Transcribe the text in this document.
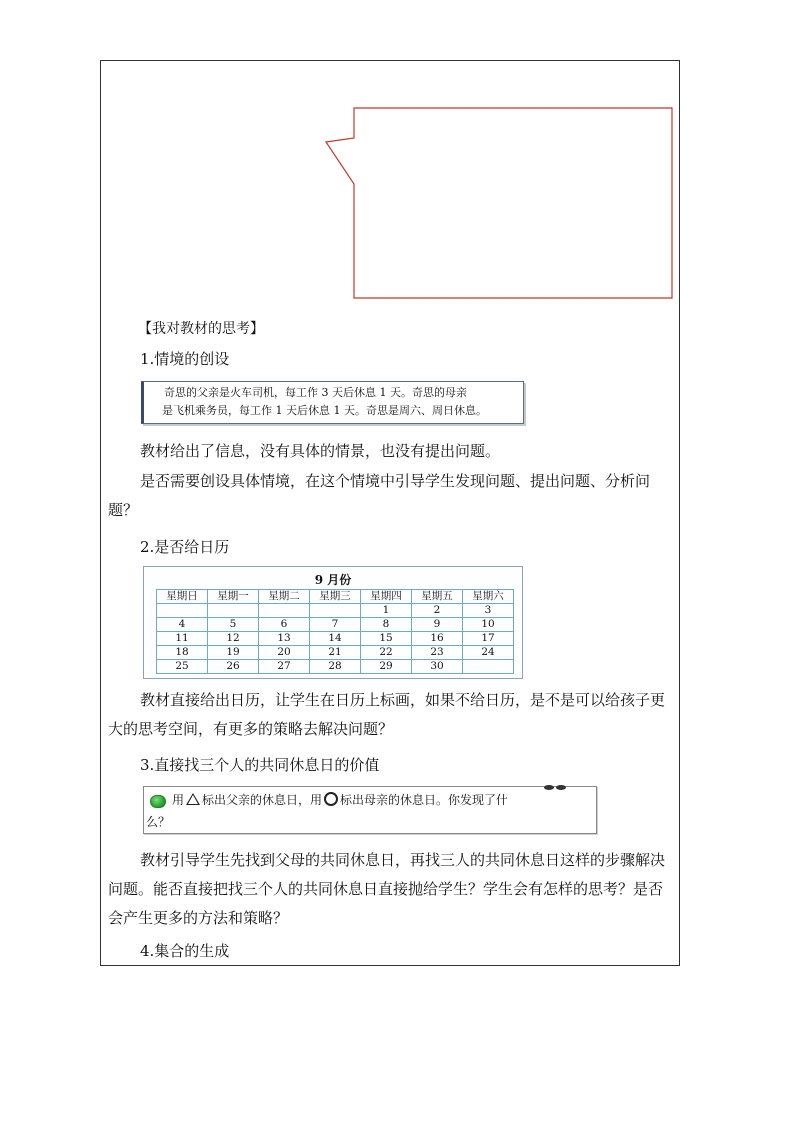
【我对教材的思考】
1.情境的创设
奇思的父亲是火车司机，每工作 3 天后休息 1 天。奇思的母亲
是飞机乘务员，每工作 1 天后休息 1 天。奇思是周六、周日休息。
教材给出了信息，没有具体的情景，也没有提出问题。
是否需要创设具体情境，在这个情境中引导学生发现问题、提出问题、分析问题？
2.是否给日历
9 月份
星期日	星期一	星期二	星期三	星期四	星期五	星期六
				1	2	3
4	5	6	7	8	9	10
11	12	13	14	15	16	17
18	19	20	21	22	23	24
25	26	27	28	29	30	
教材直接给出日历，让学生在日历上标画，如果不给日历，是不是可以给孩子更大的思考空间，有更多的策略去解决问题？
3.直接找三个人的共同休息日的价值
用 标出父亲的休息日，用 标出母亲的休息日。你发现了什
么？
教材引导学生先找到父母的共同休息日，再找三人的共同休息日这样的步骤解决问题。能否直接把找三个人的共同休息日直接抛给学生？学生会有怎样的思考？是否会产生更多的方法和策略？
4.集合的生成
